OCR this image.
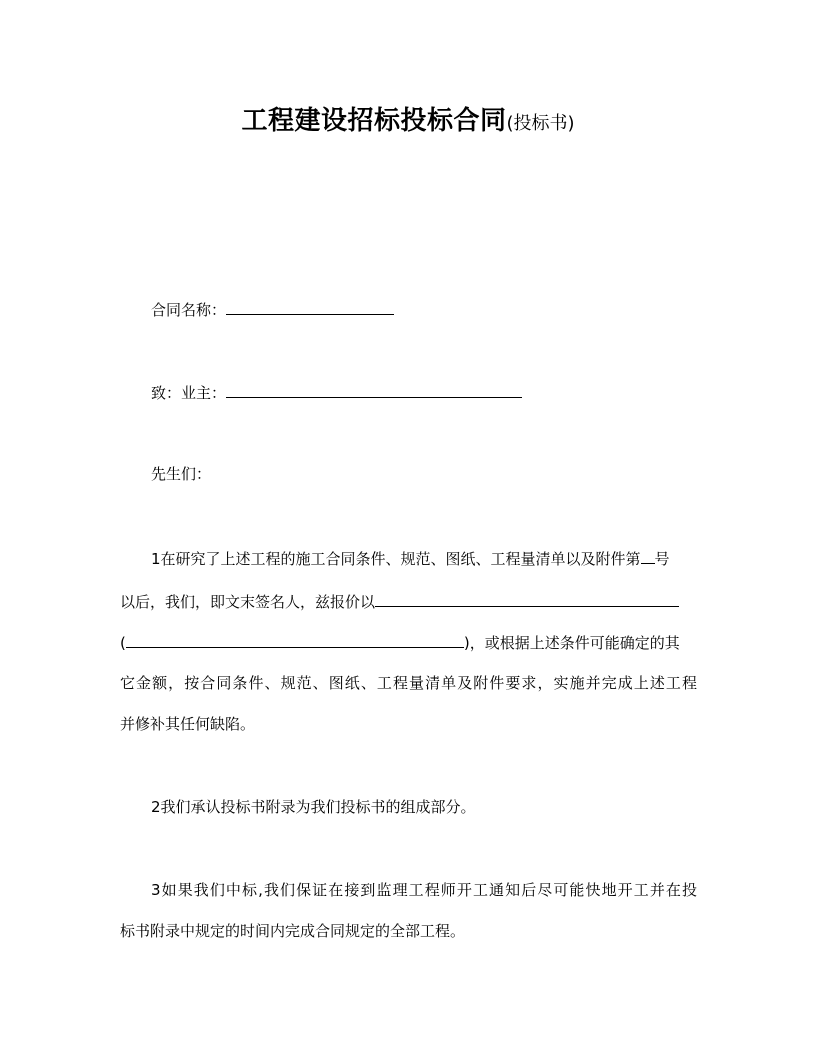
工程建设招标投标合同(投标书)
合同名称：
致：业主：
先生们：
1在研究了上述工程的施工合同条件、规范、图纸、工程量清单以及附件第 号
以后，我们，即文末签名人，兹报价以
(	)，或根据上述条件可能确定的其
它金额，按合同条件、规范、图纸、工程量清单及附件要求，实施并完成上述工程
并修补其任何缺陷。
2我们承认投标书附录为我们投标书的组成部分。
3如果我们中标,我们保证在接到监理工程师开工通知后尽可能快地开工并在投
标书附录中规定的时间内完成合同规定的全部工程。
